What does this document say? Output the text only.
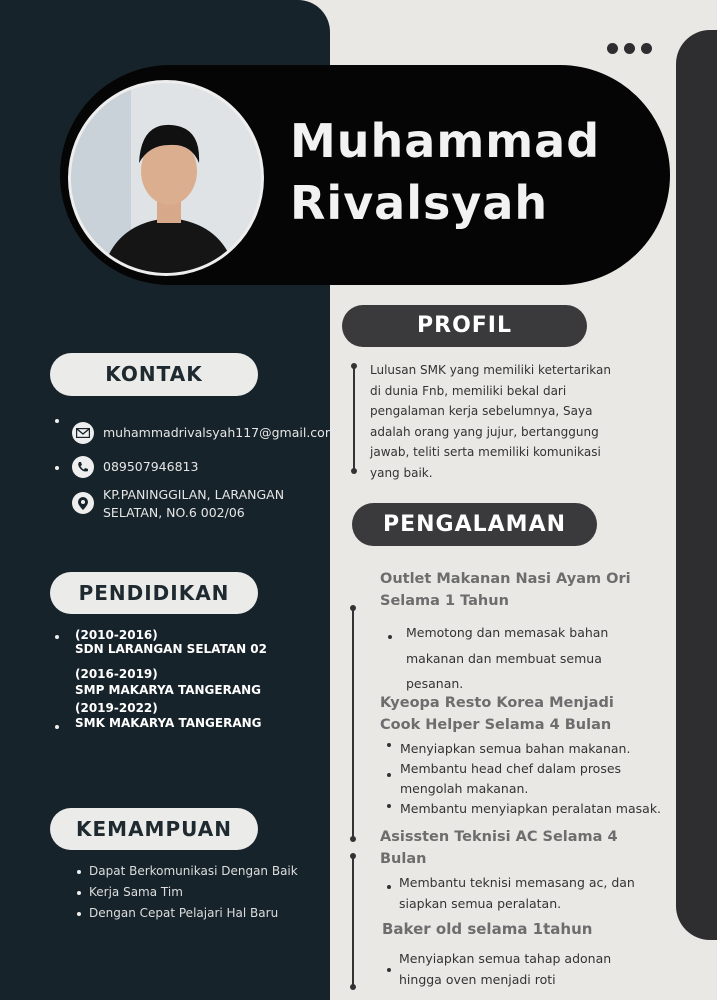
Muhammad
Rivalsyah
PROFIL
Lulusan SMK yang memiliki ketertarikan
di dunia Fnb, memiliki bekal dari
pengalaman kerja sebelumnya, Saya
adalah orang yang jujur, bertanggung
jawab, teliti serta memiliki komunikasi
yang baik.
PENGALAMAN
Outlet Makanan Nasi Ayam Ori
Selama 1 Tahun
Memotong dan memasak bahan
makanan dan membuat semua
pesanan.
Kyeopa Resto Korea Menjadi
Cook Helper Selama 4 Bulan
Menyiapkan semua bahan makanan.
Membantu head chef dalam proses
mengolah makanan.
Membantu menyiapkan peralatan masak.
Asissten Teknisi AC Selama 4
Bulan
Membantu teknisi memasang ac, dan
siapkan semua peralatan.
Baker old selama 1tahun
Menyiapkan semua tahap adonan
hingga oven menjadi roti
KONTAK
muhammadrivalsyah117@gmail.com
089507946813
KP.PANINGGILAN, LARANGAN
SELATAN, NO.6 002/06
PENDIDIKAN
(2010-2016)
SDN LARANGAN SELATAN 02
(2016-2019)
SMP MAKARYA TANGERANG
(2019-2022)
SMK MAKARYA TANGERANG
KEMAMPUAN
Dapat Berkomunikasi Dengan Baik
Kerja Sama Tim
Dengan Cepat Pelajari Hal Baru
